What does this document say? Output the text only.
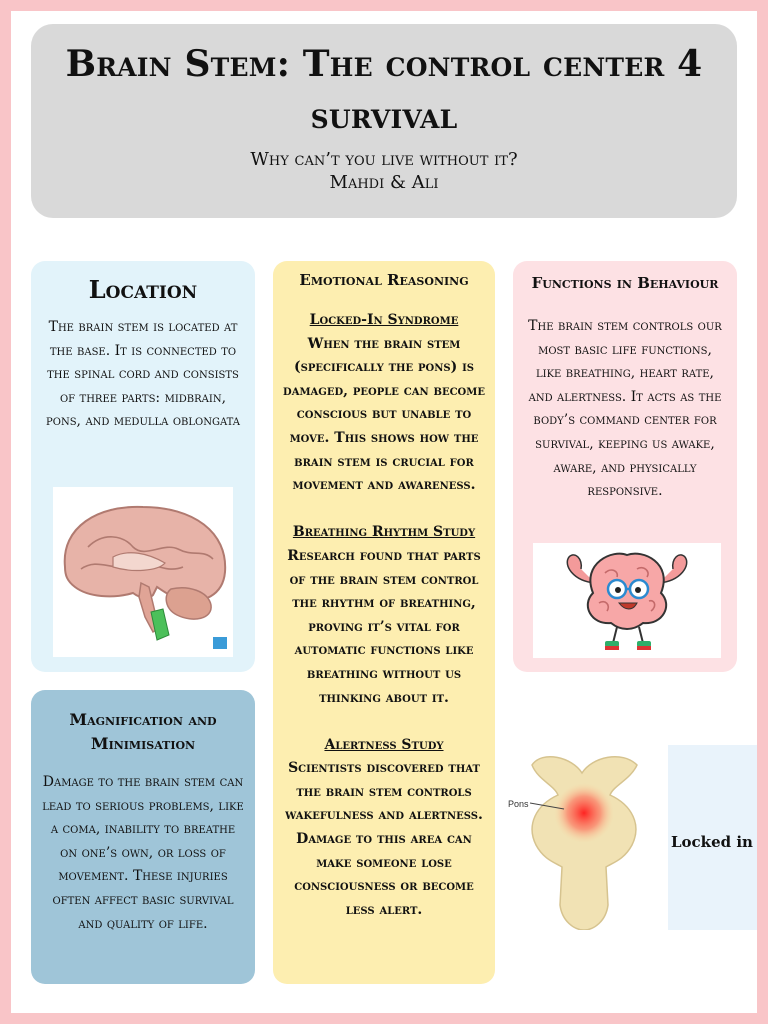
Brain Stem: The control center 4 survival
Why can’t you live without it?
Mahdi & Ali
Location
The brain stem is located at the base. It is connected to the spinal cord and consists of three parts: midbrain, pons, and medulla oblongata
Magnification and Minimisation
Damage to the brain stem can lead to serious problems, like a coma, inability to breathe on one’s own, or loss of movement. These injuries often affect basic survival and quality of life.
Emotional Reasoning
Locked-In Syndrome
When the brain stem (specifically the pons) is damaged, people can become conscious but unable to move. This shows how the brain stem is crucial for movement and awareness.
Breathing Rhythm Study
Research found that parts of the brain stem control the rhythm of breathing, proving it’s vital for automatic functions like breathing without us thinking about it.
Alertness Study
Scientists discovered that the brain stem controls wakefulness and alertness. Damage to this area can make someone lose consciousness or become less alert.
Functions in Behaviour
The brain stem controls our most basic life functions, like breathing, heart rate, and alertness. It acts as the body’s command center for survival, keeping us awake, aware, and physically responsive.
Pons
Locked in
